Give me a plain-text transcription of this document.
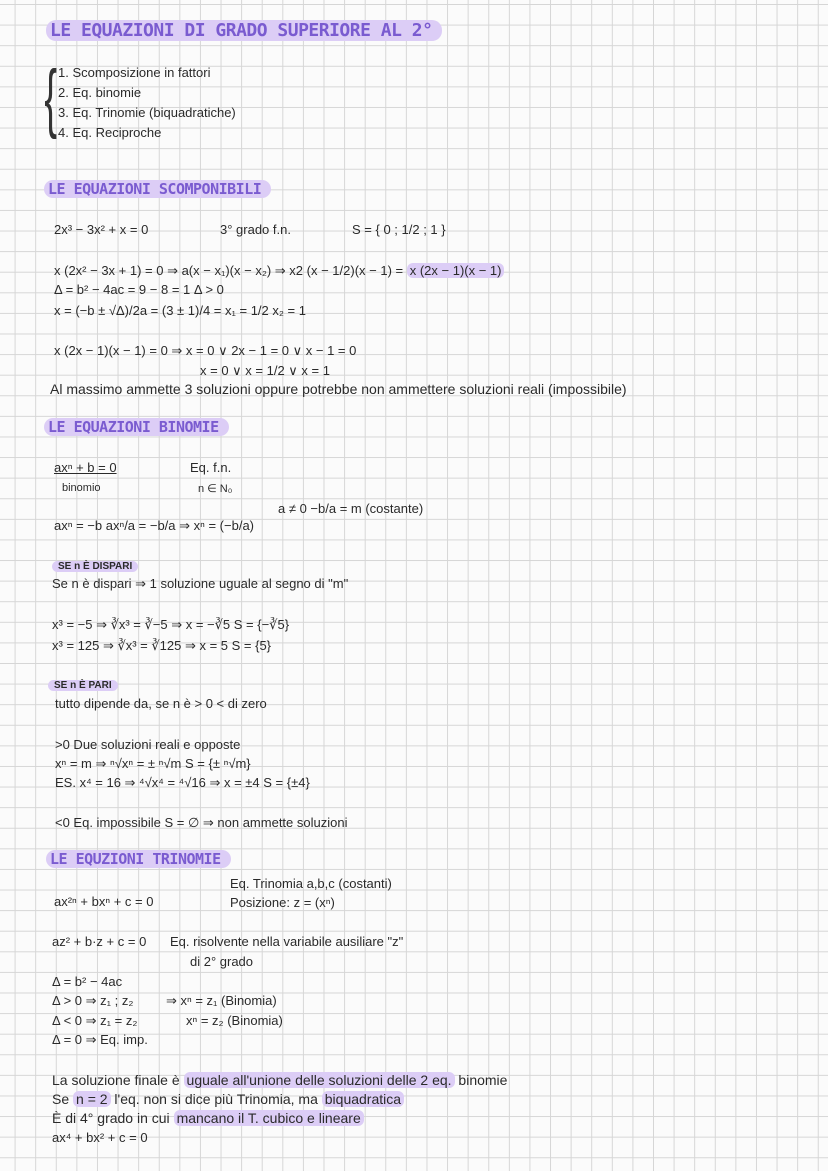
LE EQUAZIONI DI GRADO SUPERIORE AL 2°
{ 1. Scomposizione in fattori
2. Eq. binomie
3. Eq. Trinomie (biquadratiche)
4. Eq. Reciproche
LE EQUAZIONI SCOMPONIBILI
2x³ − 3x² + x = 0	3° grado f.n.	S = { 0 ; 1/2 ; 1 }
x (2x² − 3x + 1) = 0 ⇒ a(x − x₁)(x − x₂) ⇒ x2 (x − 1/2)(x − 1) = x (2x − 1)(x − 1)
Δ = b² − 4ac = 9 − 8 = 1 Δ > 0
x = (−b ± √Δ)/2a = (3 ± 1)/4 = x₁ = 1/2 x₂ = 1
x (2x − 1)(x − 1) = 0 ⇒ x = 0 ∨ 2x − 1 = 0 ∨ x − 1 = 0
x = 0 ∨ x = 1/2 ∨ x = 1
Al massimo ammette 3 soluzioni oppure potrebbe non ammettere soluzioni reali (impossibile)
LE EQUAZIONI BINOMIE
axⁿ + b = 0
binomio
Eq. f.n.
n ∈ N₀
a ≠ 0 −b/a = m (costante)
axⁿ = −b axⁿ/a = −b/a ⇒ xⁿ = (−b/a)
SE n È DISPARI
Se n è dispari ⇒ 1 soluzione uguale al segno di "m"
x³ = −5 ⇒ ∛x³ = ∛−5 ⇒ x = −∛5 S = {−∛5}
x³ = 125 ⇒ ∛x³ = ∛125 ⇒ x = 5 S = {5}
SE n È PARI
tutto dipende da, se n è > 0 < di zero
>0 Due soluzioni reali e opposte
xⁿ = m ⇒ ⁿ√xⁿ = ± ⁿ√m S = {± ⁿ√m}
ES. x⁴ = 16 ⇒ ⁴√x⁴ = ⁴√16 ⇒ x = ±4 S = {±4}
<0 Eq. impossibile S = ∅ ⇒ non ammette soluzioni
LE EQUZIONI TRINOMIE
ax²ⁿ + bxⁿ + c = 0
Eq. Trinomia a,b,c (costanti)
Posizione: z = (xⁿ)
az² + b·z + c = 0 Eq. risolvente nella variabile ausiliare "z"
di 2° grado
Δ = b² − 4ac
Δ > 0 ⇒ z₁ ; z₂
Δ < 0 ⇒ z₁ = z₂
Δ = 0 ⇒ Eq. imp.
⇒ xⁿ = z₁ (Binomia)
xⁿ = z₂ (Binomia)
La soluzione finale è uguale all'unione delle soluzioni delle 2 eq. binomie
Se n = 2 l'eq. non si dice più Trinomia, ma biquadratica
È di 4° grado in cui mancano il T. cubico e lineare
ax⁴ + bx² + c = 0
